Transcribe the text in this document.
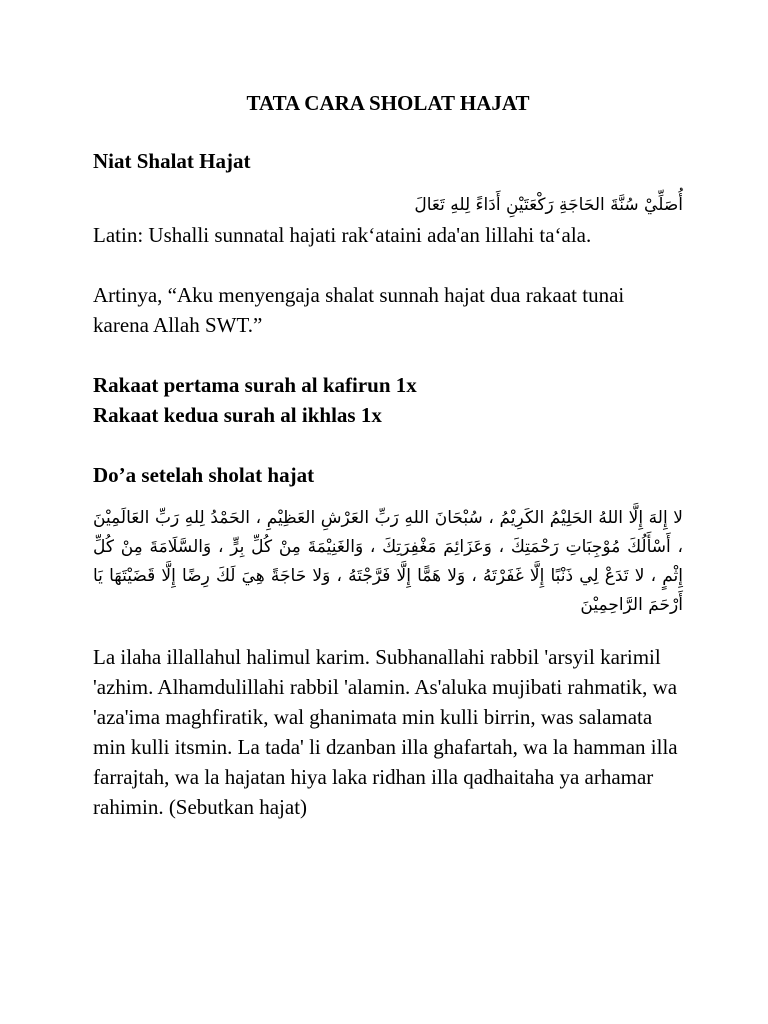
TATA CARA SHOLAT HAJAT

Niat Shalat Hajat

أُصَلِّيْ سُنَّةَ الحَاجَةِ رَكْعَتَيْنِ أَدَاءً لِلهِ تَعَالَ

Latin: Ushalli sunnatal hajati rak‘ataini ada'an lillahi ta‘ala.

Artinya, “Aku menyengaja shalat sunnah hajat dua rakaat tunai karena Allah SWT.”

Rakaat pertama surah al kafirun 1x

Rakaat kedua surah al ikhlas 1x

Do’a setelah sholat hajat

لا إِلهَ إِلَّا اللهُ الحَلِيْمُ الكَرِيْمُ ، سُبْحَانَ اللهِ رَبِّ العَرْشِ العَظِيْمِ ، الحَمْدُ لِلهِ رَبِّ العَالَمِيْنَ ، أَسْأَلُكَ مُوْجِبَاتِ رَحْمَتِكَ ، وَعَزَائِمَ مَغْفِرَتِكَ ، وَالغَنِيْمَةَ مِنْ كُلِّ بِرٍّ ، وَالسَّلَامَةَ مِنْ كُلِّ إِثْمٍ ، لا تَدَعْ لِي ذَنْبًا إِلَّا غَفَرْتَهُ ، وَلا هَمًّا إِلَّا فَرَّجْتَهُ ، وَلا حَاجَةً هِيَ لَكَ رِضًا إِلَّا قَضَيْتَهَا يَا أَرْحَمَ الرَّاحِمِيْنَ

La ilaha illallahul halimul karim. Subhanallahi rabbil 'arsyil karimil 'azhim. Alhamdulillahi rabbil 'alamin. As'aluka mujibati rahmatik, wa 'aza'ima maghfiratik, wal ghanimata min kulli birrin, was salamata min kulli itsmin. La tada' li dzanban illa ghafartah, wa la hamman illa farrajtah, wa la hajatan hiya laka ridhan illa qadhaitaha ya arhamar rahimin. (Sebutkan hajat)
